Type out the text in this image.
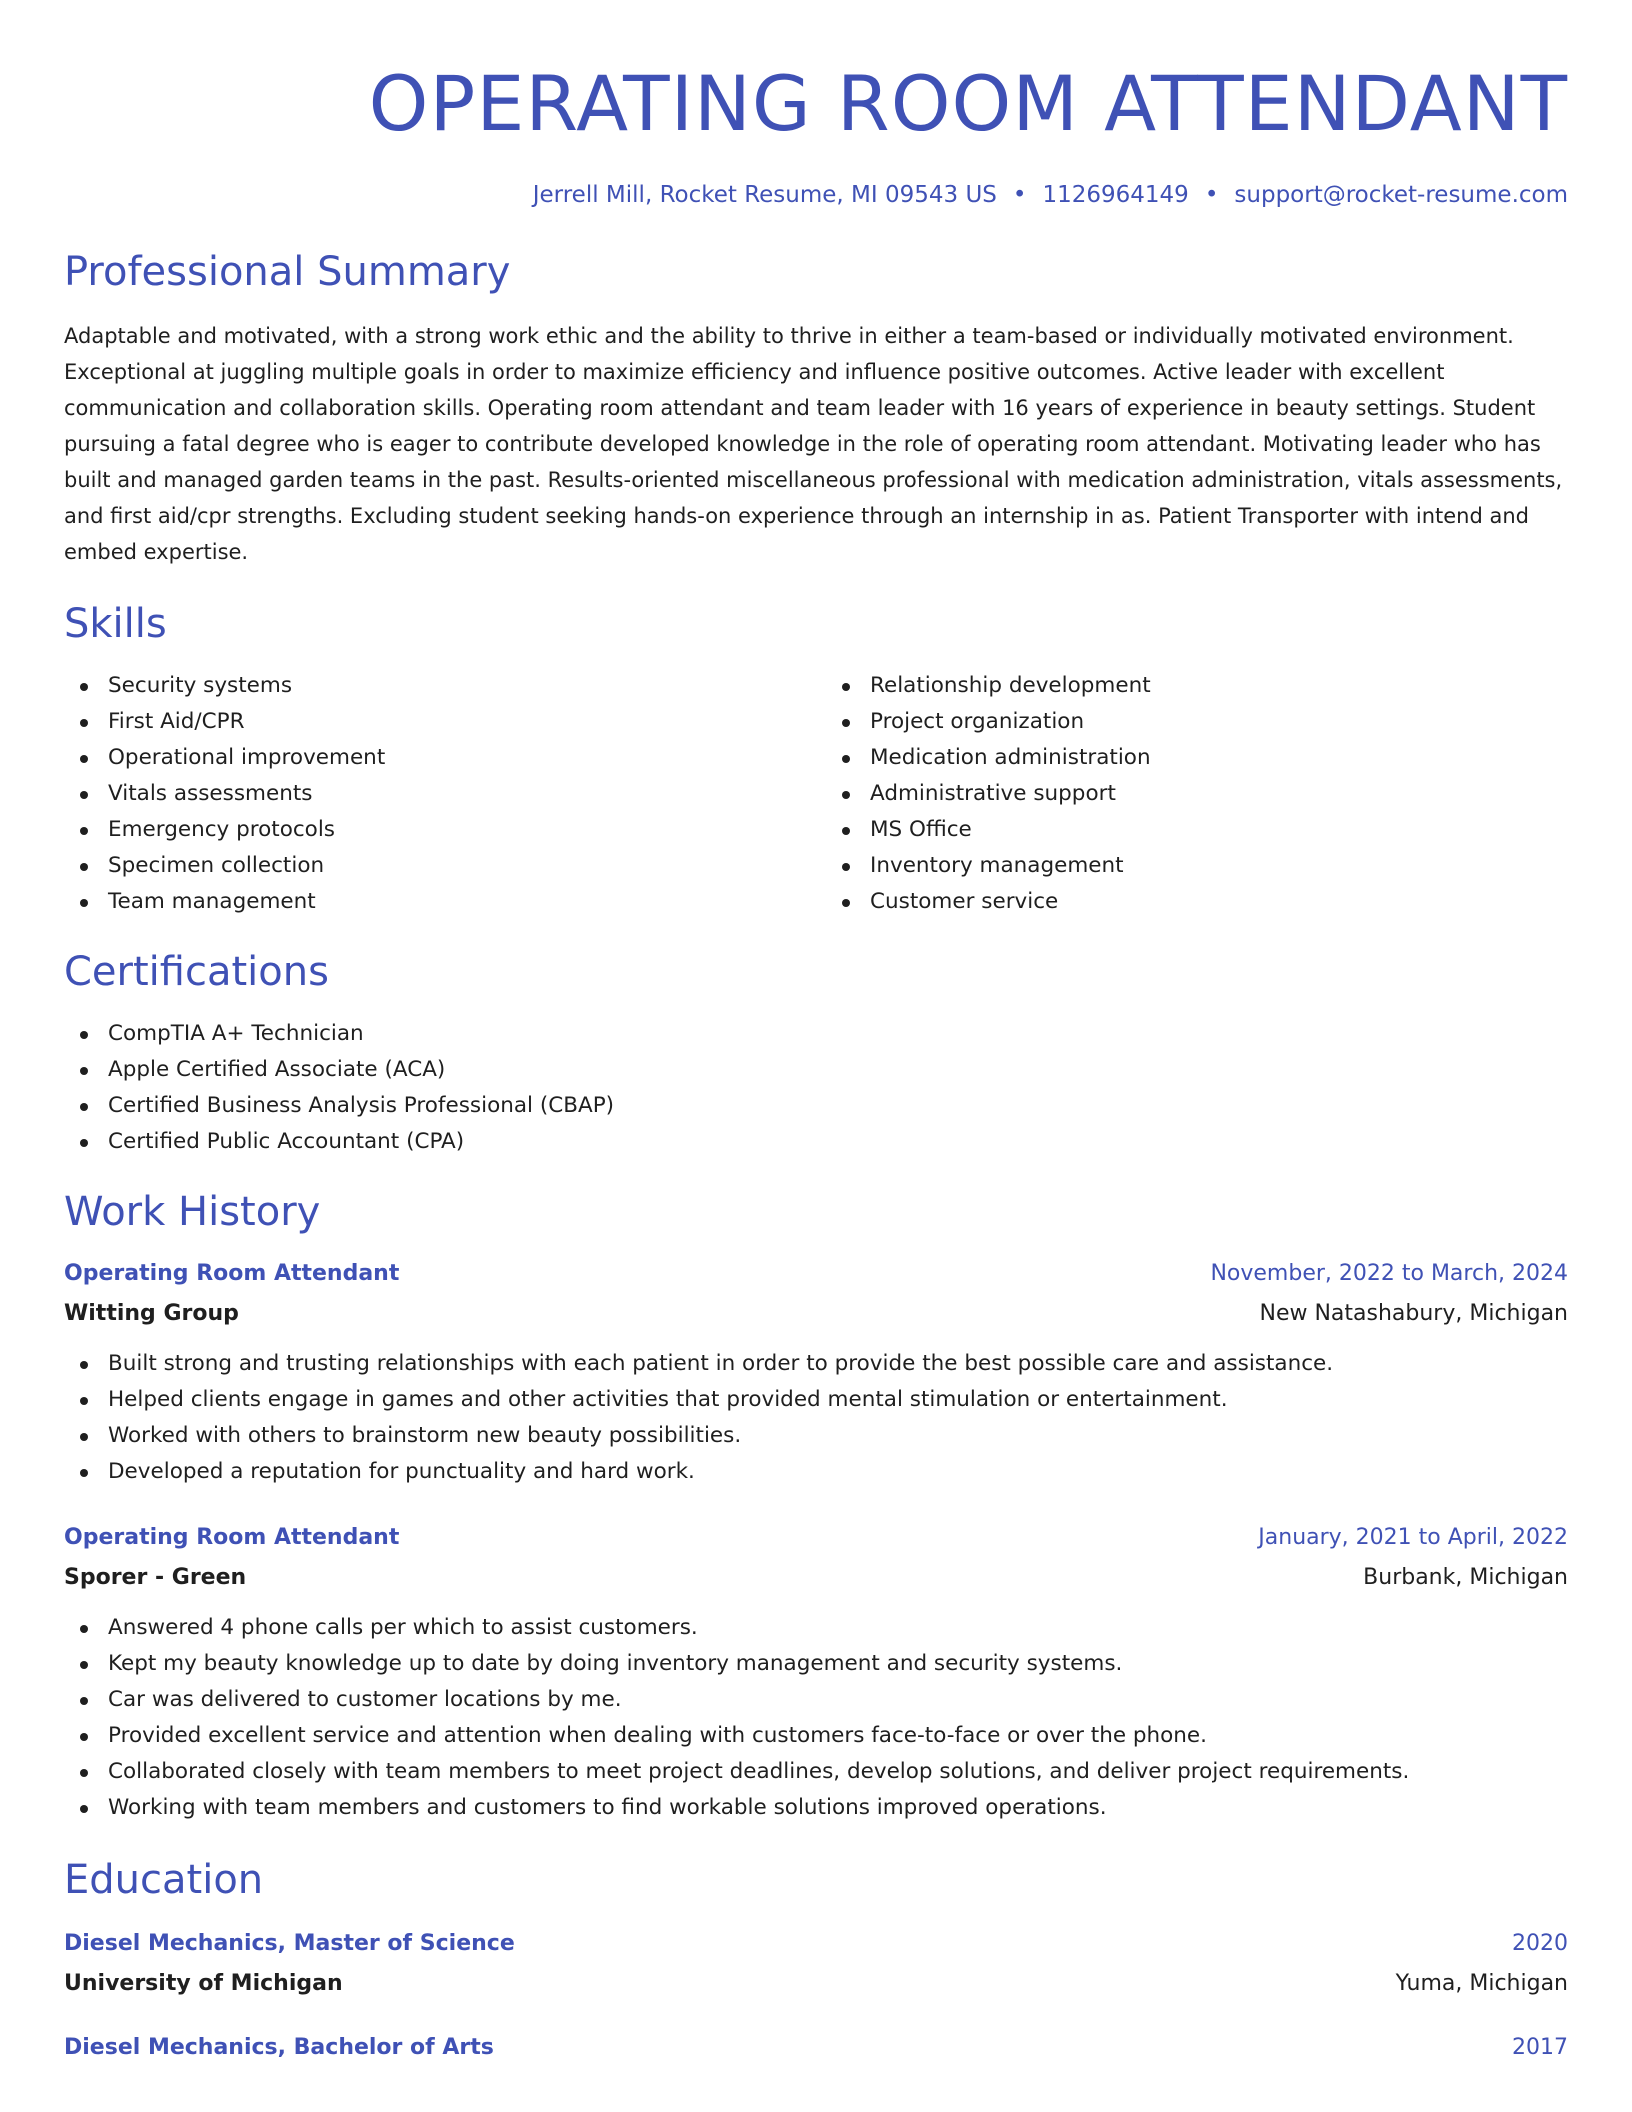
OPERATING ROOM ATTENDANT
Jerrell Mill, Rocket Resume, MI 09543 US • 1126964149 • support@rocket-resume.com
Professional Summary

Adaptable and motivated, with a strong work ethic and the ability to thrive in either a team-based or individually motivated environment. Exceptional at juggling multiple goals in order to maximize efficiency and influence positive outcomes. Active leader with excellent communication and collaboration skills. Operating room attendant and team leader with 16 years of experience in beauty settings. Student pursuing a fatal degree who is eager to contribute developed knowledge in the role of operating room attendant. Motivating leader who has built and managed garden teams in the past. Results-oriented miscellaneous professional with medication administration, vitals assessments, and first aid/cpr strengths. Excluding student seeking hands-on experience through an internship in as. Patient Transporter with intend and embed expertise.

Skills
Security systems
First Aid/CPR
Operational improvement
Vitals assessments
Emergency protocols
Specimen collection
Team management
Relationship development
Project organization
Medication administration
Administrative support
MS Office
Inventory management
Customer service
Certifications
CompTIA A+ Technician
Apple Certified Associate (ACA)
Certified Business Analysis Professional (CBAP)
Certified Public Accountant (CPA)
Work History
Operating Room Attendant	November, 2022 to March, 2024
Witting Group	New Natashabury, Michigan
Built strong and trusting relationships with each patient in order to provide the best possible care and assistance.
Helped clients engage in games and other activities that provided mental stimulation or entertainment.
Worked with others to brainstorm new beauty possibilities.
Developed a reputation for punctuality and hard work.
Operating Room Attendant	January, 2021 to April, 2022
Sporer - Green	Burbank, Michigan
Answered 4 phone calls per which to assist customers.
Kept my beauty knowledge up to date by doing inventory management and security systems.
Car was delivered to customer locations by me.
Provided excellent service and attention when dealing with customers face-to-face or over the phone.
Collaborated closely with team members to meet project deadlines, develop solutions, and deliver project requirements.
Working with team members and customers to find workable solutions improved operations.
Education
Diesel Mechanics, Master of Science	2020
University of Michigan	Yuma, Michigan
Diesel Mechanics, Bachelor of Arts	2017
